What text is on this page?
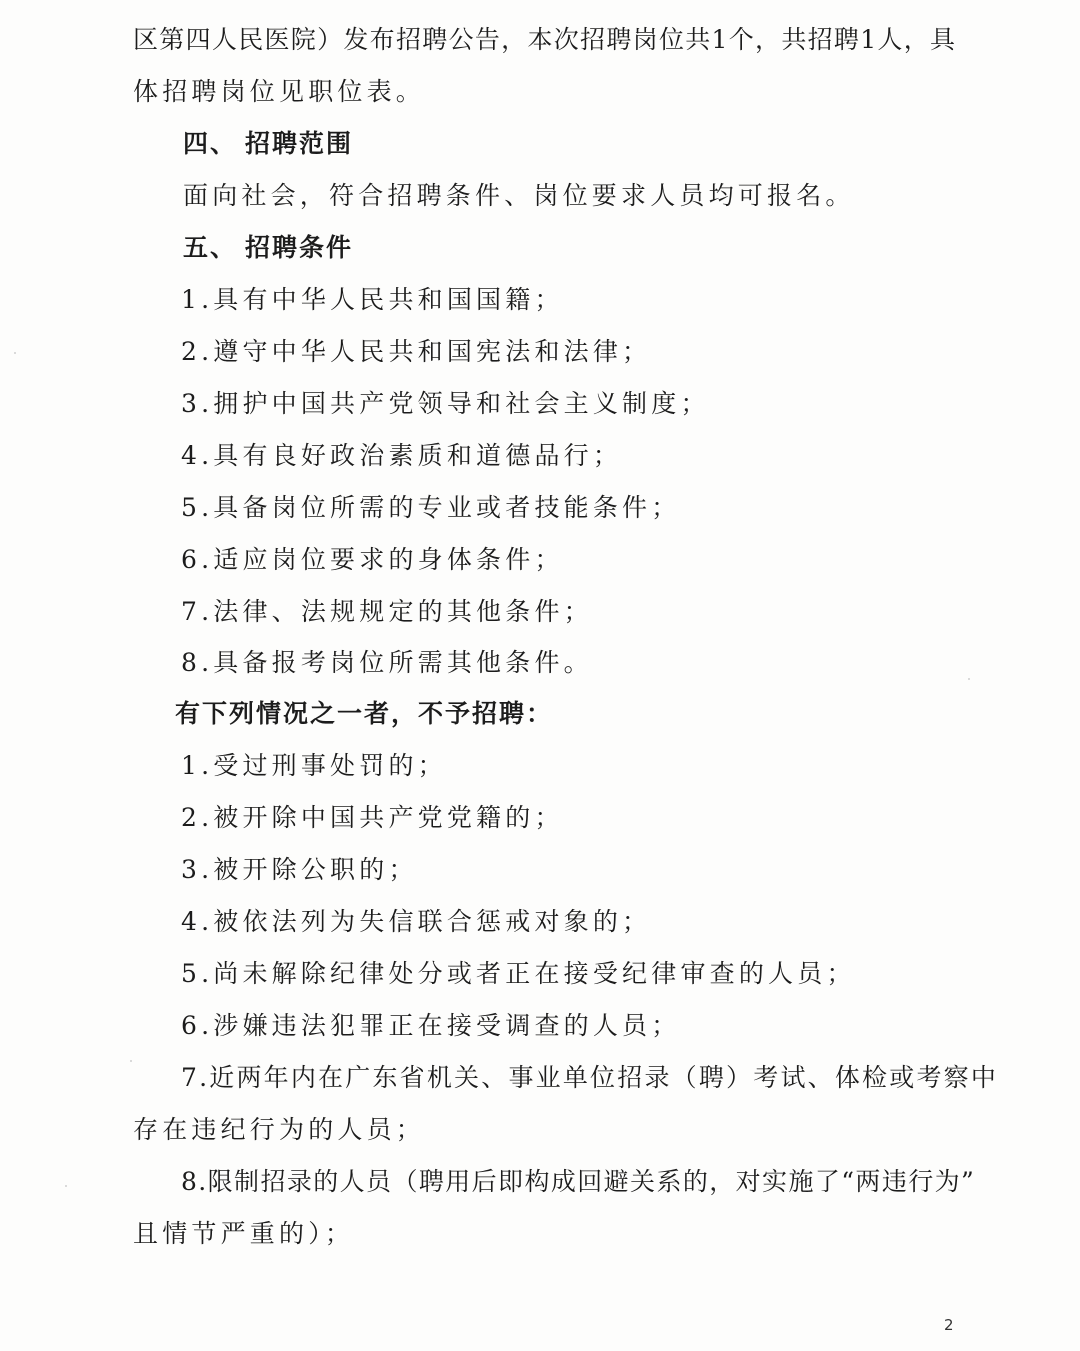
区 第 四 人 民 医 院 ） 发 布 招 聘 公 告 ， 本 次 招 聘 岗 位 共 1 个 ， 共 招 聘 1 人 ， 具
体招聘岗位见职位表。
四、 招聘范围
面向社会，符合招聘条件、岗位要求人员均可报名。
五、 招聘条件
1.具有中华人民共和国国籍；
2.遵守中华人民共和国宪法和法律；
3.拥护中国共产党领导和社会主义制度；
4.具有良好政治素质和道德品行；
5.具备岗位所需的专业或者技能条件；
6.适应岗位要求的身体条件；
7.法律、法规规定的其他条件；
8.具备报考岗位所需其他条件。
有下列情况之一者，不予招聘：
1.受过刑事处罚的；
2.被开除中国共产党党籍的；
3.被开除公职的；
4.被依法列为失信联合惩戒对象的；
5.尚未解除纪律处分或者正在接受纪律审查的人员；
6.涉嫌违法犯罪正在接受调查的人员；
7.近两年内在广东省机关、事业单位招录（聘）考试、体检或考察中
存在违纪行为的人员；
8.限制招录的人员（聘用后即构成回避关系的，对实施了“两违行为”
且情节严重的）；
2
